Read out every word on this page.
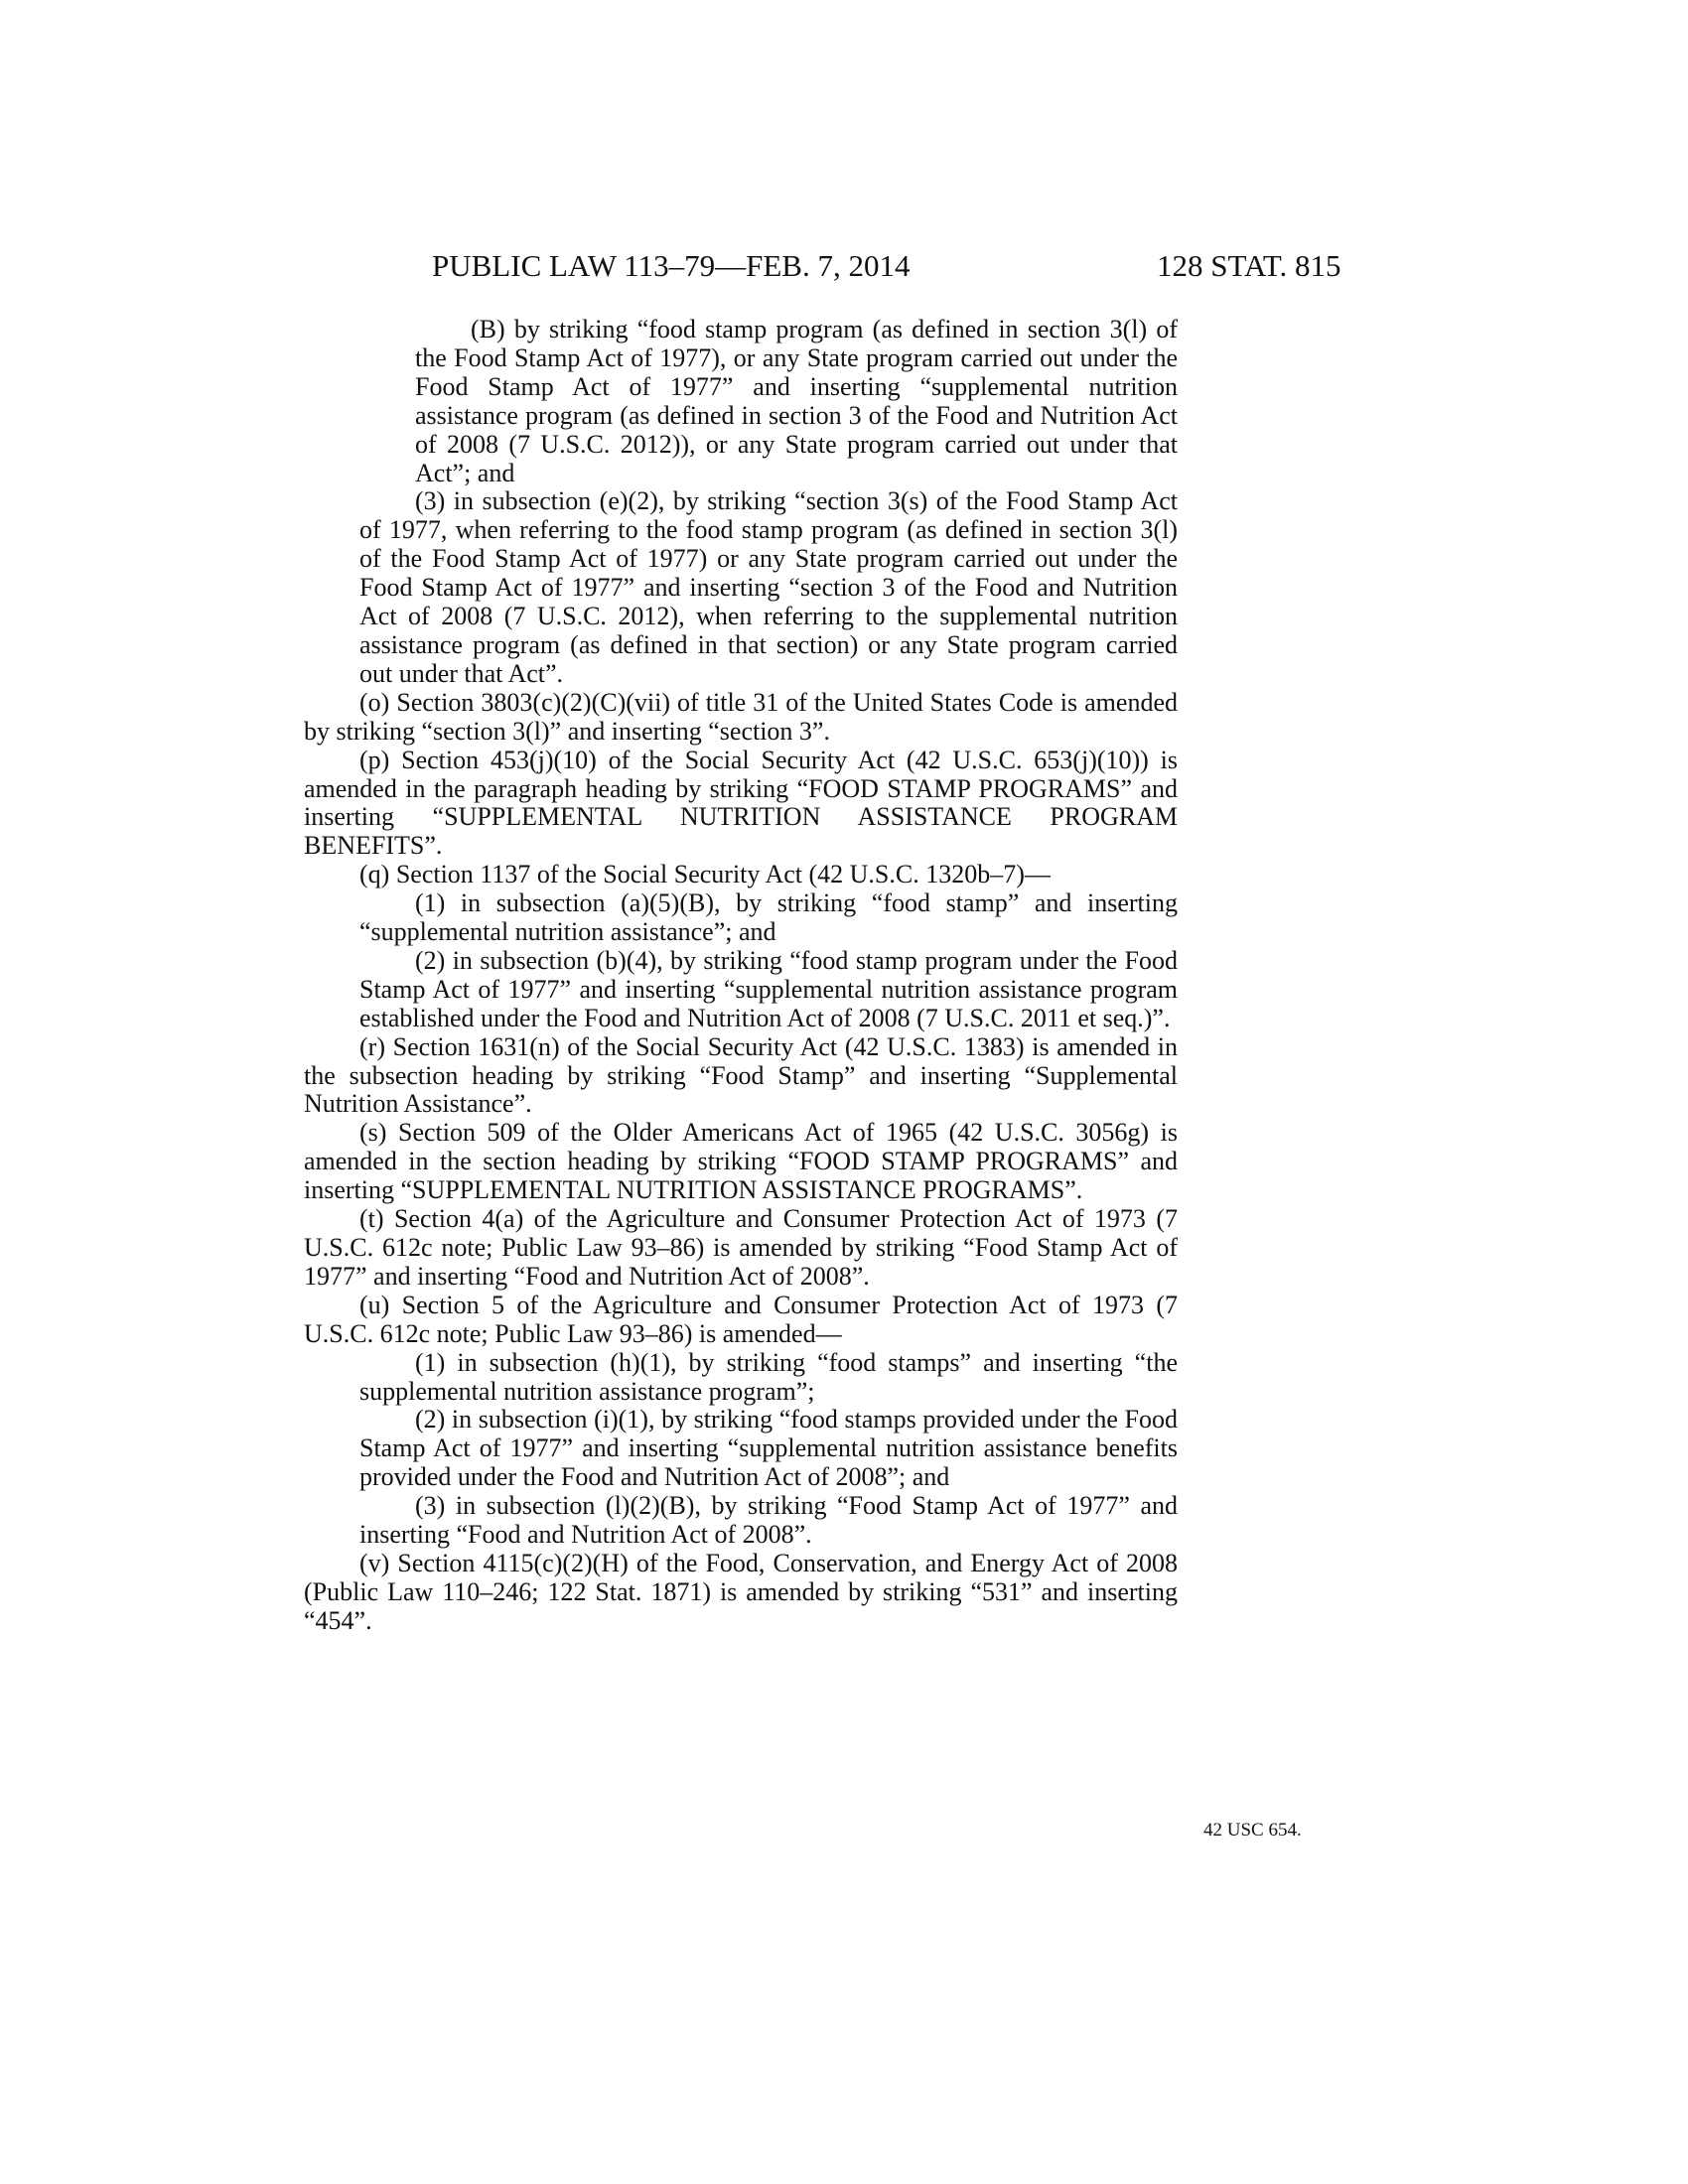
PUBLIC LAW 113–79—FEB. 7, 2014	128 STAT. 815

(B) by striking “food stamp program (as defined in section 3(l) of the Food Stamp Act of 1977), or any State program carried out under the Food Stamp Act of 1977” and inserting “supplemental nutrition assistance program (as defined in section 3 of the Food and Nutrition Act of 2008 (7 U.S.C. 2012)), or any State program carried out under that Act”; and

(3) in subsection (e)(2), by striking “section 3(s) of the Food Stamp Act of 1977, when referring to the food stamp program (as defined in section 3(l) of the Food Stamp Act of 1977) or any State program carried out under the Food Stamp Act of 1977” and inserting “section 3 of the Food and Nutrition Act of 2008 (7 U.S.C. 2012), when referring to the supplemental nutrition assistance program (as defined in that section) or any State program carried out under that Act”.

(o) Section 3803(c)(2)(C)(vii) of title 31 of the United States Code is amended by striking “section 3(l)” and inserting “section 3”.

(p) Section 453(j)(10) of the Social Security Act (42 U.S.C. 653(j)(10)) is amended in the paragraph heading by striking “FOOD STAMP PROGRAMS” and inserting “SUPPLEMENTAL NUTRITION ASSISTANCE PROGRAM BENEFITS”.

(q) Section 1137 of the Social Security Act (42 U.S.C. 1320b–7)—

(1) in subsection (a)(5)(B), by striking “food stamp” and inserting “supplemental nutrition assistance”; and

(2) in subsection (b)(4), by striking “food stamp program under the Food Stamp Act of 1977” and inserting “supplemental nutrition assistance program established under the Food and Nutrition Act of 2008 (7 U.S.C. 2011 et seq.)”.

(r) Section 1631(n) of the Social Security Act (42 U.S.C. 1383) is amended in the subsection heading by striking “Food Stamp” and inserting “Supplemental Nutrition Assistance”.

(s) Section 509 of the Older Americans Act of 1965 (42 U.S.C. 3056g) is amended in the section heading by striking “FOOD STAMP PROGRAMS” and inserting “SUPPLEMENTAL NUTRITION ASSISTANCE PROGRAMS”.

(t) Section 4(a) of the Agriculture and Consumer Protection Act of 1973 (7 U.S.C. 612c note; Public Law 93–86) is amended by striking “Food Stamp Act of 1977” and inserting “Food and Nutrition Act of 2008”.

(u) Section 5 of the Agriculture and Consumer Protection Act of 1973 (7 U.S.C. 612c note; Public Law 93–86) is amended—

(1) in subsection (h)(1), by striking “food stamps” and inserting “the supplemental nutrition assistance program”;

(2) in subsection (i)(1), by striking “food stamps provided under the Food Stamp Act of 1977” and inserting “supplemental nutrition assistance benefits provided under the Food and Nutrition Act of 2008”; and

(3) in subsection (l)(2)(B), by striking “Food Stamp Act of 1977” and inserting “Food and Nutrition Act of 2008”.

(v) Section 4115(c)(2)(H) of the Food, Conservation, and Energy Act of 2008 (Public Law 110–246; 122 Stat. 1871) is amended by striking “531” and inserting “454”.

42 USC 654.
